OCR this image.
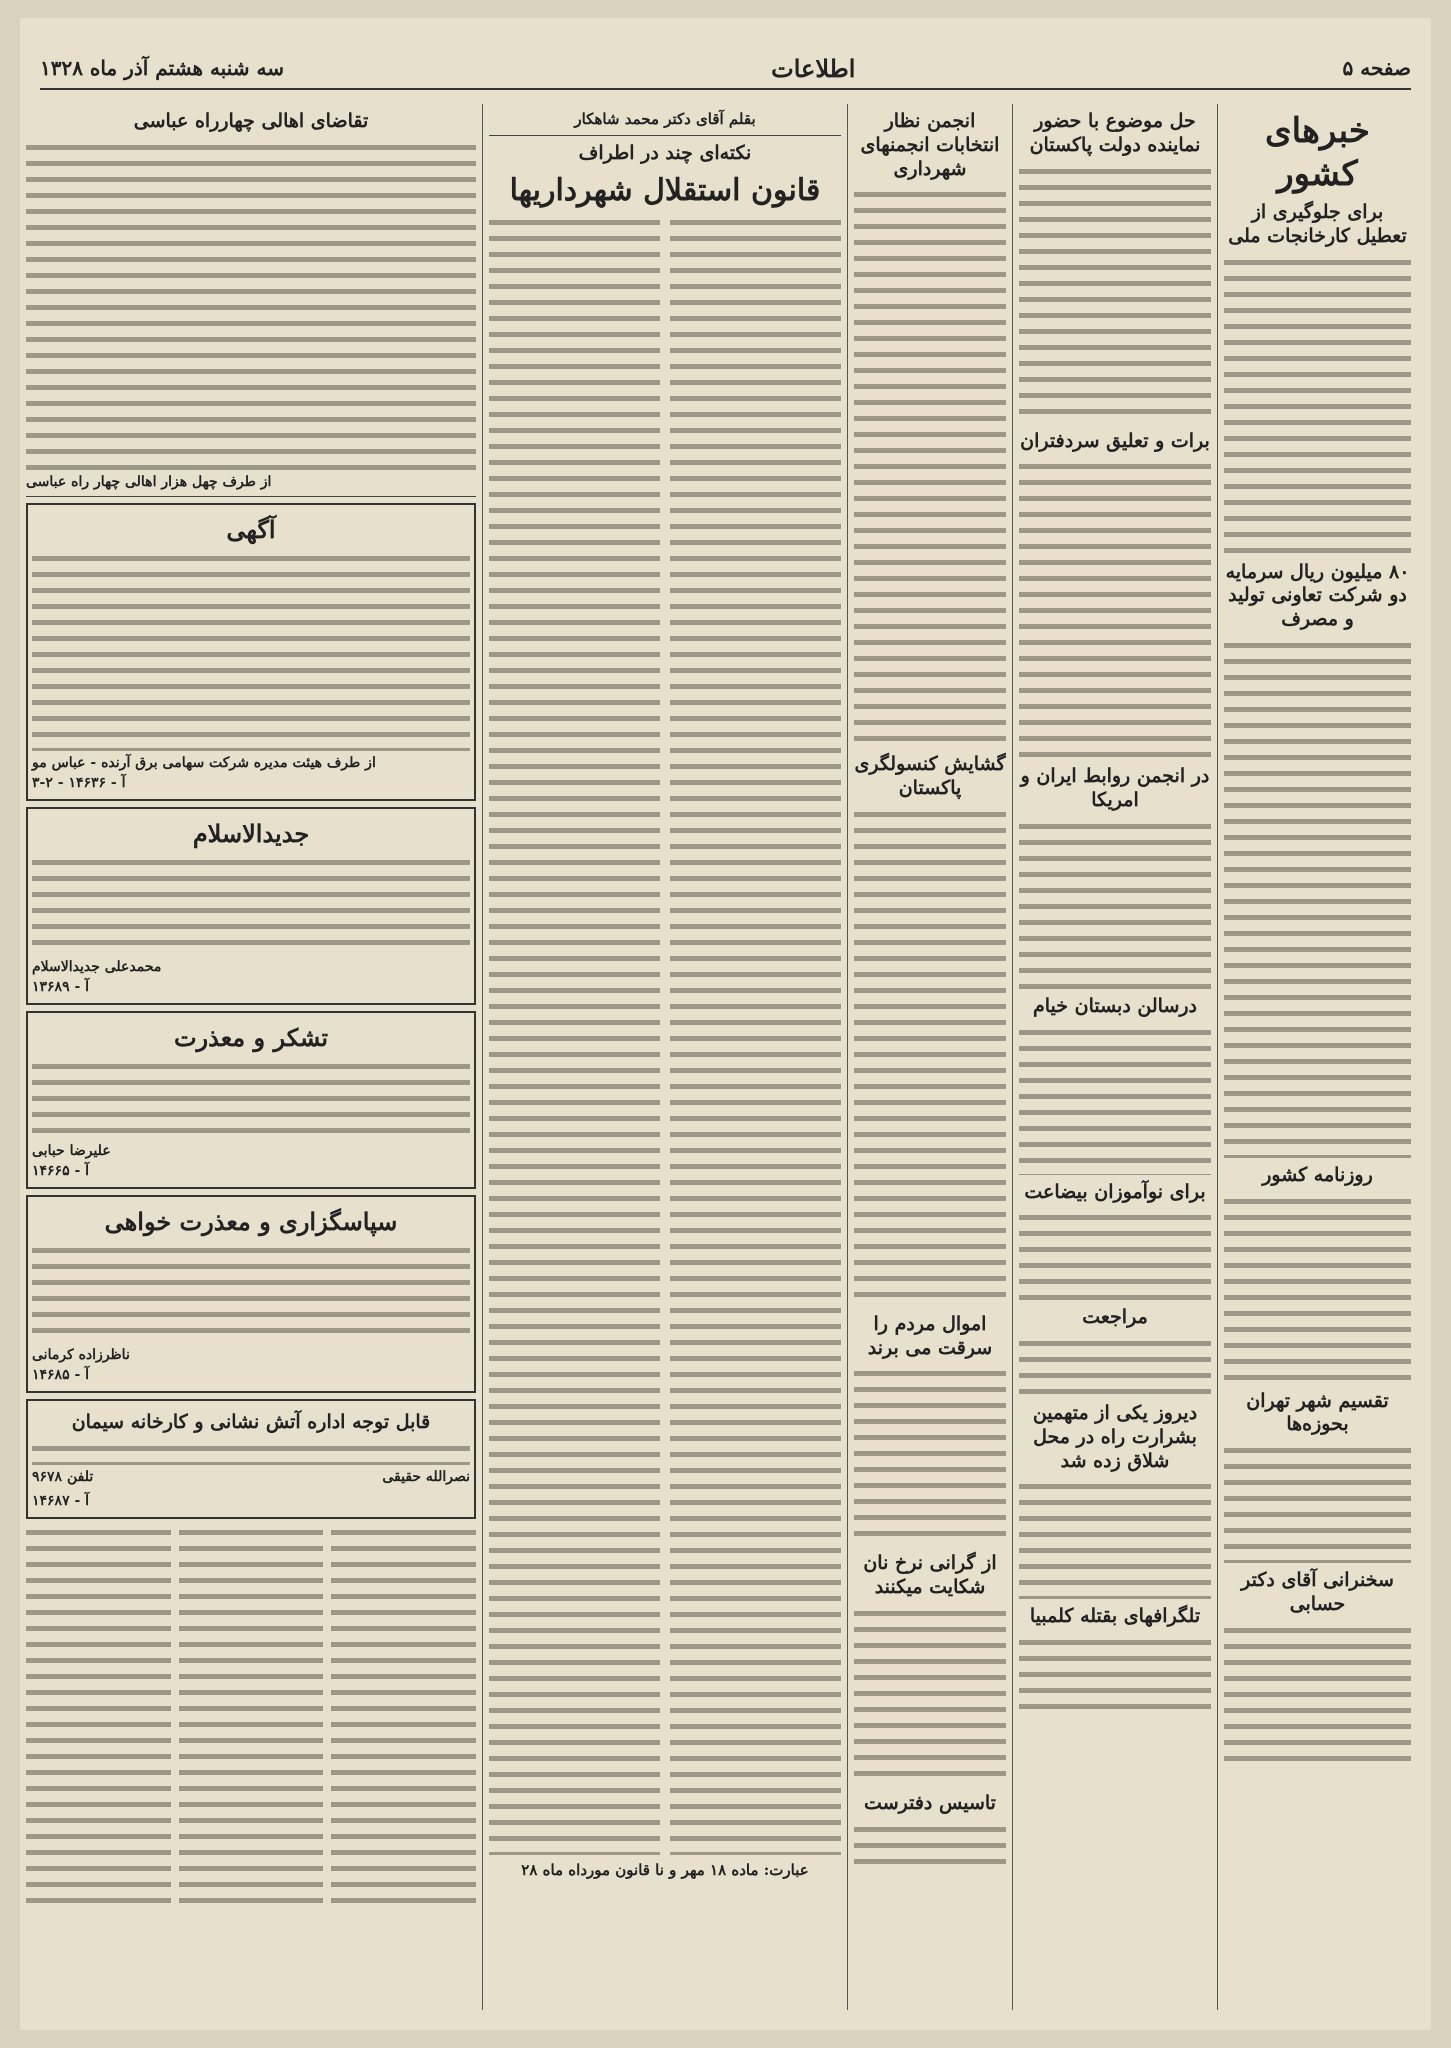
صفحه ۵
اطلاعات
سه شنبه هشتم آذر ماه ۱۳۲۸
خبرهای کشور
برای جلوگیری از تعطیل کارخانجات ملی
۸۰ میلیون ریال سرمایه دو شرکت تعاونی تولید و مصرف
روزنامه کشور
تقسیم شهر تهران بحوزه‌ها
سخنرانی آقای دکتر حسابی
حل موضوع با حضور نماینده دولت پاکستان
برات و تعلیق سردفتران
در انجمن روابط ایران و امریکا
درسالن دبستان خیام
برای نوآموزان بیضاعت
مراجعت
دیروز یکی از متهمین بشرارت راه در محل شلاق زده شد
تلگرافهای بقتله کلمبیا
انجمن نظار انتخابات انجمنهای شهرداری
گشایش کنسولگری پاکستان
اموال مردم را سرقت می برند
از گرانی نرخ نان شکایت میکنند
تاسیس دفترست
بقلم آقای دکتر محمد شاهکار
نکته‌ای چند در اطراف
قانون استقلال شهرداریها
عبارت: ماده ۱۸ مهر و نا قانون مورداه ماه ۲۸
تقاضای اهالی چهارراه عباسی
از طرف چهل هزار اهالی چهار راه عباسی
آگهی
از طرف هیئت مدیره شرکت سهامی برق آرنده - عباس مو
آ - ۱۴۶۳۶ - ۲-۳
جدیدالاسلام
محمدعلی جدیدالاسلام
آ - ۱۳۶۸۹
تشکر و معذرت
علیرضا حبابی
آ - ۱۴۶۶۵
سپاسگزاری و معذرت خواهی
ناظرزاده کرمانی
آ - ۱۴۶۸۵
قابل توجه اداره آتش نشانی و کارخانه سیمان
نصرالله حقیقی
تلفن ۹۶۷۸
آ - ۱۴۶۸۷
